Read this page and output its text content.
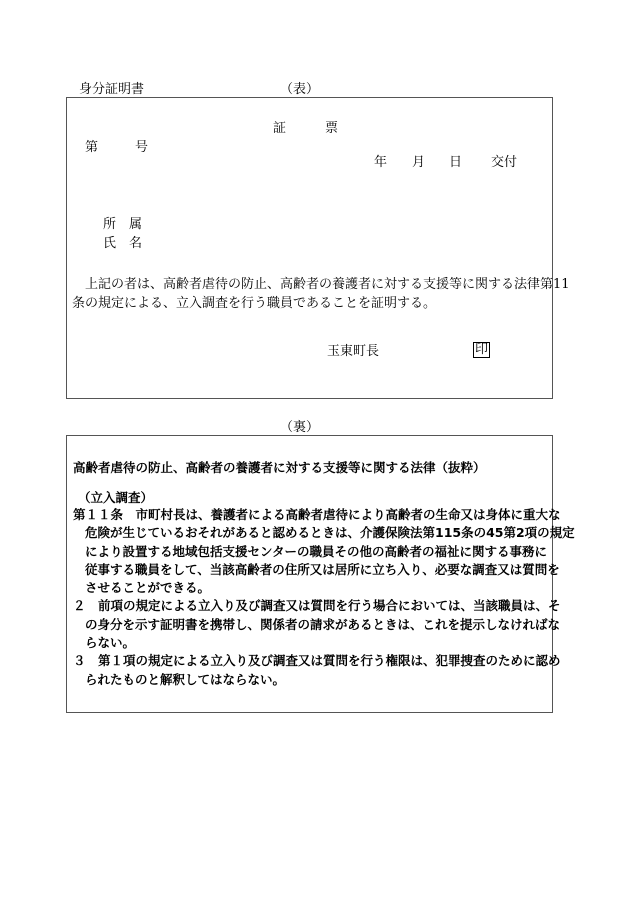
身分証明書	（表）
証　　　票
第	号
年 月 日 交付
所　属
氏　名
上記の者は、高齢者虐待の防止、高齢者の養護者に対する支援等に関する法律第11
条の規定による、立入調査を行う職員であることを証明する。
玉東町長	印
（裏）
高齢者虐待の防止、高齢者の養護者に対する支援等に関する法律（抜粋）
（立入調査）
第１１条　市町村長は、養護者による高齢者虐待により高齢者の生命又は身体に重大な
危険が生じているおそれがあると認めるときは、介護保険法第115条の45第2項の規定
により設置する地域包括支援センターの職員その他の高齢者の福祉に関する事務に
従事する職員をして、当該高齢者の住所又は居所に立ち入り、必要な調査又は質問を
させることができる。
２　前項の規定による立入り及び調査又は質問を行う場合においては、当該職員は、そ
の身分を示す証明書を携帯し、関係者の請求があるときは、これを提示しなければな
らない。
３　第１項の規定による立入り及び調査又は質問を行う権限は、犯罪捜査のために認め
られたものと解釈してはならない。
